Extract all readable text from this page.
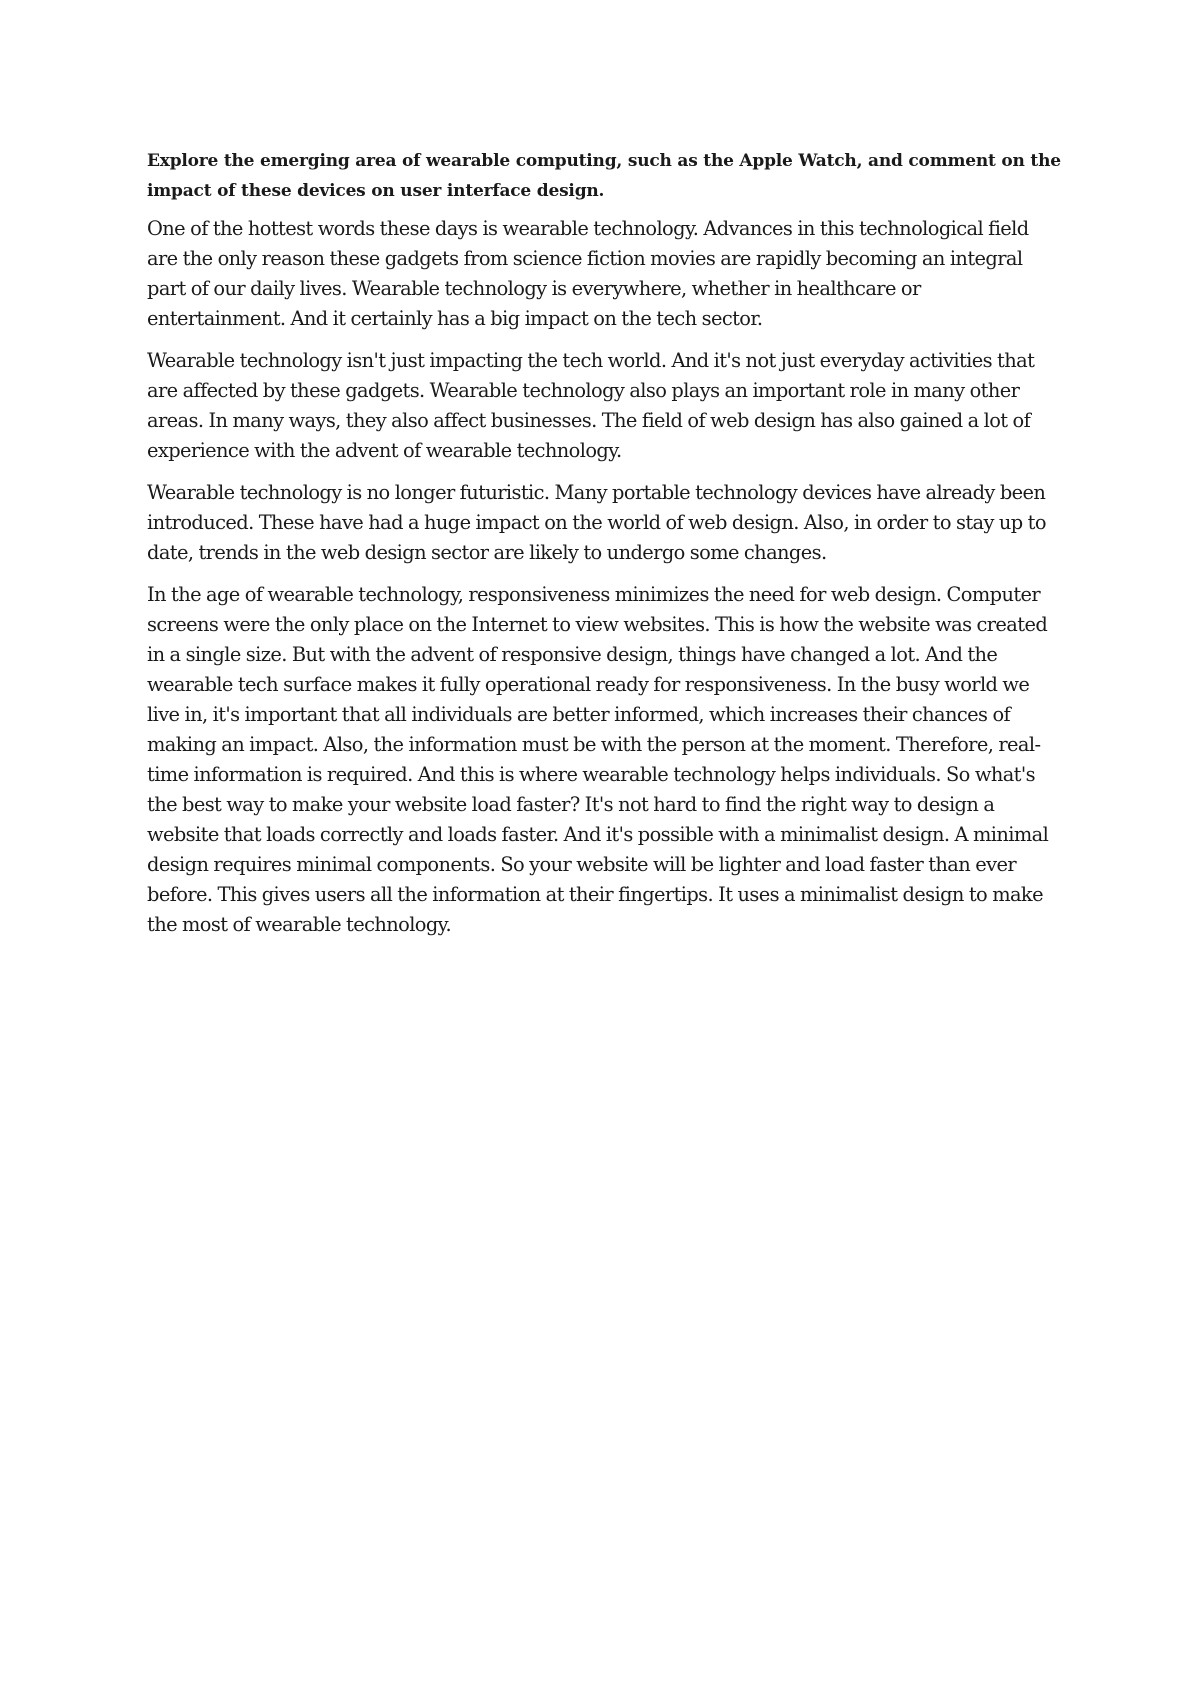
Explore the emerging area of wearable computing, such as the Apple Watch, and comment on the impact of these devices on user interface design.

One of the hottest words these days is wearable technology. Advances in this technological field are the only reason these gadgets from science fiction movies are rapidly becoming an integral part of our daily lives. Wearable technology is everywhere, whether in healthcare or entertainment. And it certainly has a big impact on the tech sector.

Wearable technology isn't just impacting the tech world. And it's not just everyday activities that are affected by these gadgets. Wearable technology also plays an important role in many other areas. In many ways, they also affect businesses. The field of web design has also gained a lot of experience with the advent of wearable technology.

Wearable technology is no longer futuristic. Many portable technology devices have already been introduced. These have had a huge impact on the world of web design. Also, in order to stay up to date, trends in the web design sector are likely to undergo some changes.

In the age of wearable technology, responsiveness minimizes the need for web design. Computer screens were the only place on the Internet to view websites. This is how the website was created in a single size. But with the advent of responsive design, things have changed a lot. And the wearable tech surface makes it fully operational ready for responsiveness. In the busy world we live in, it's important that all individuals are better informed, which increases their chances of making an impact. Also, the information must be with the person at the moment. Therefore, real-time information is required. And this is where wearable technology helps individuals. So what's the best way to make your website load faster? It's not hard to find the right way to design a website that loads correctly and loads faster. And it's possible with a minimalist design. A minimal design requires minimal components. So your website will be lighter and load faster than ever before. This gives users all the information at their fingertips. It uses a minimalist design to make the most of wearable technology.
